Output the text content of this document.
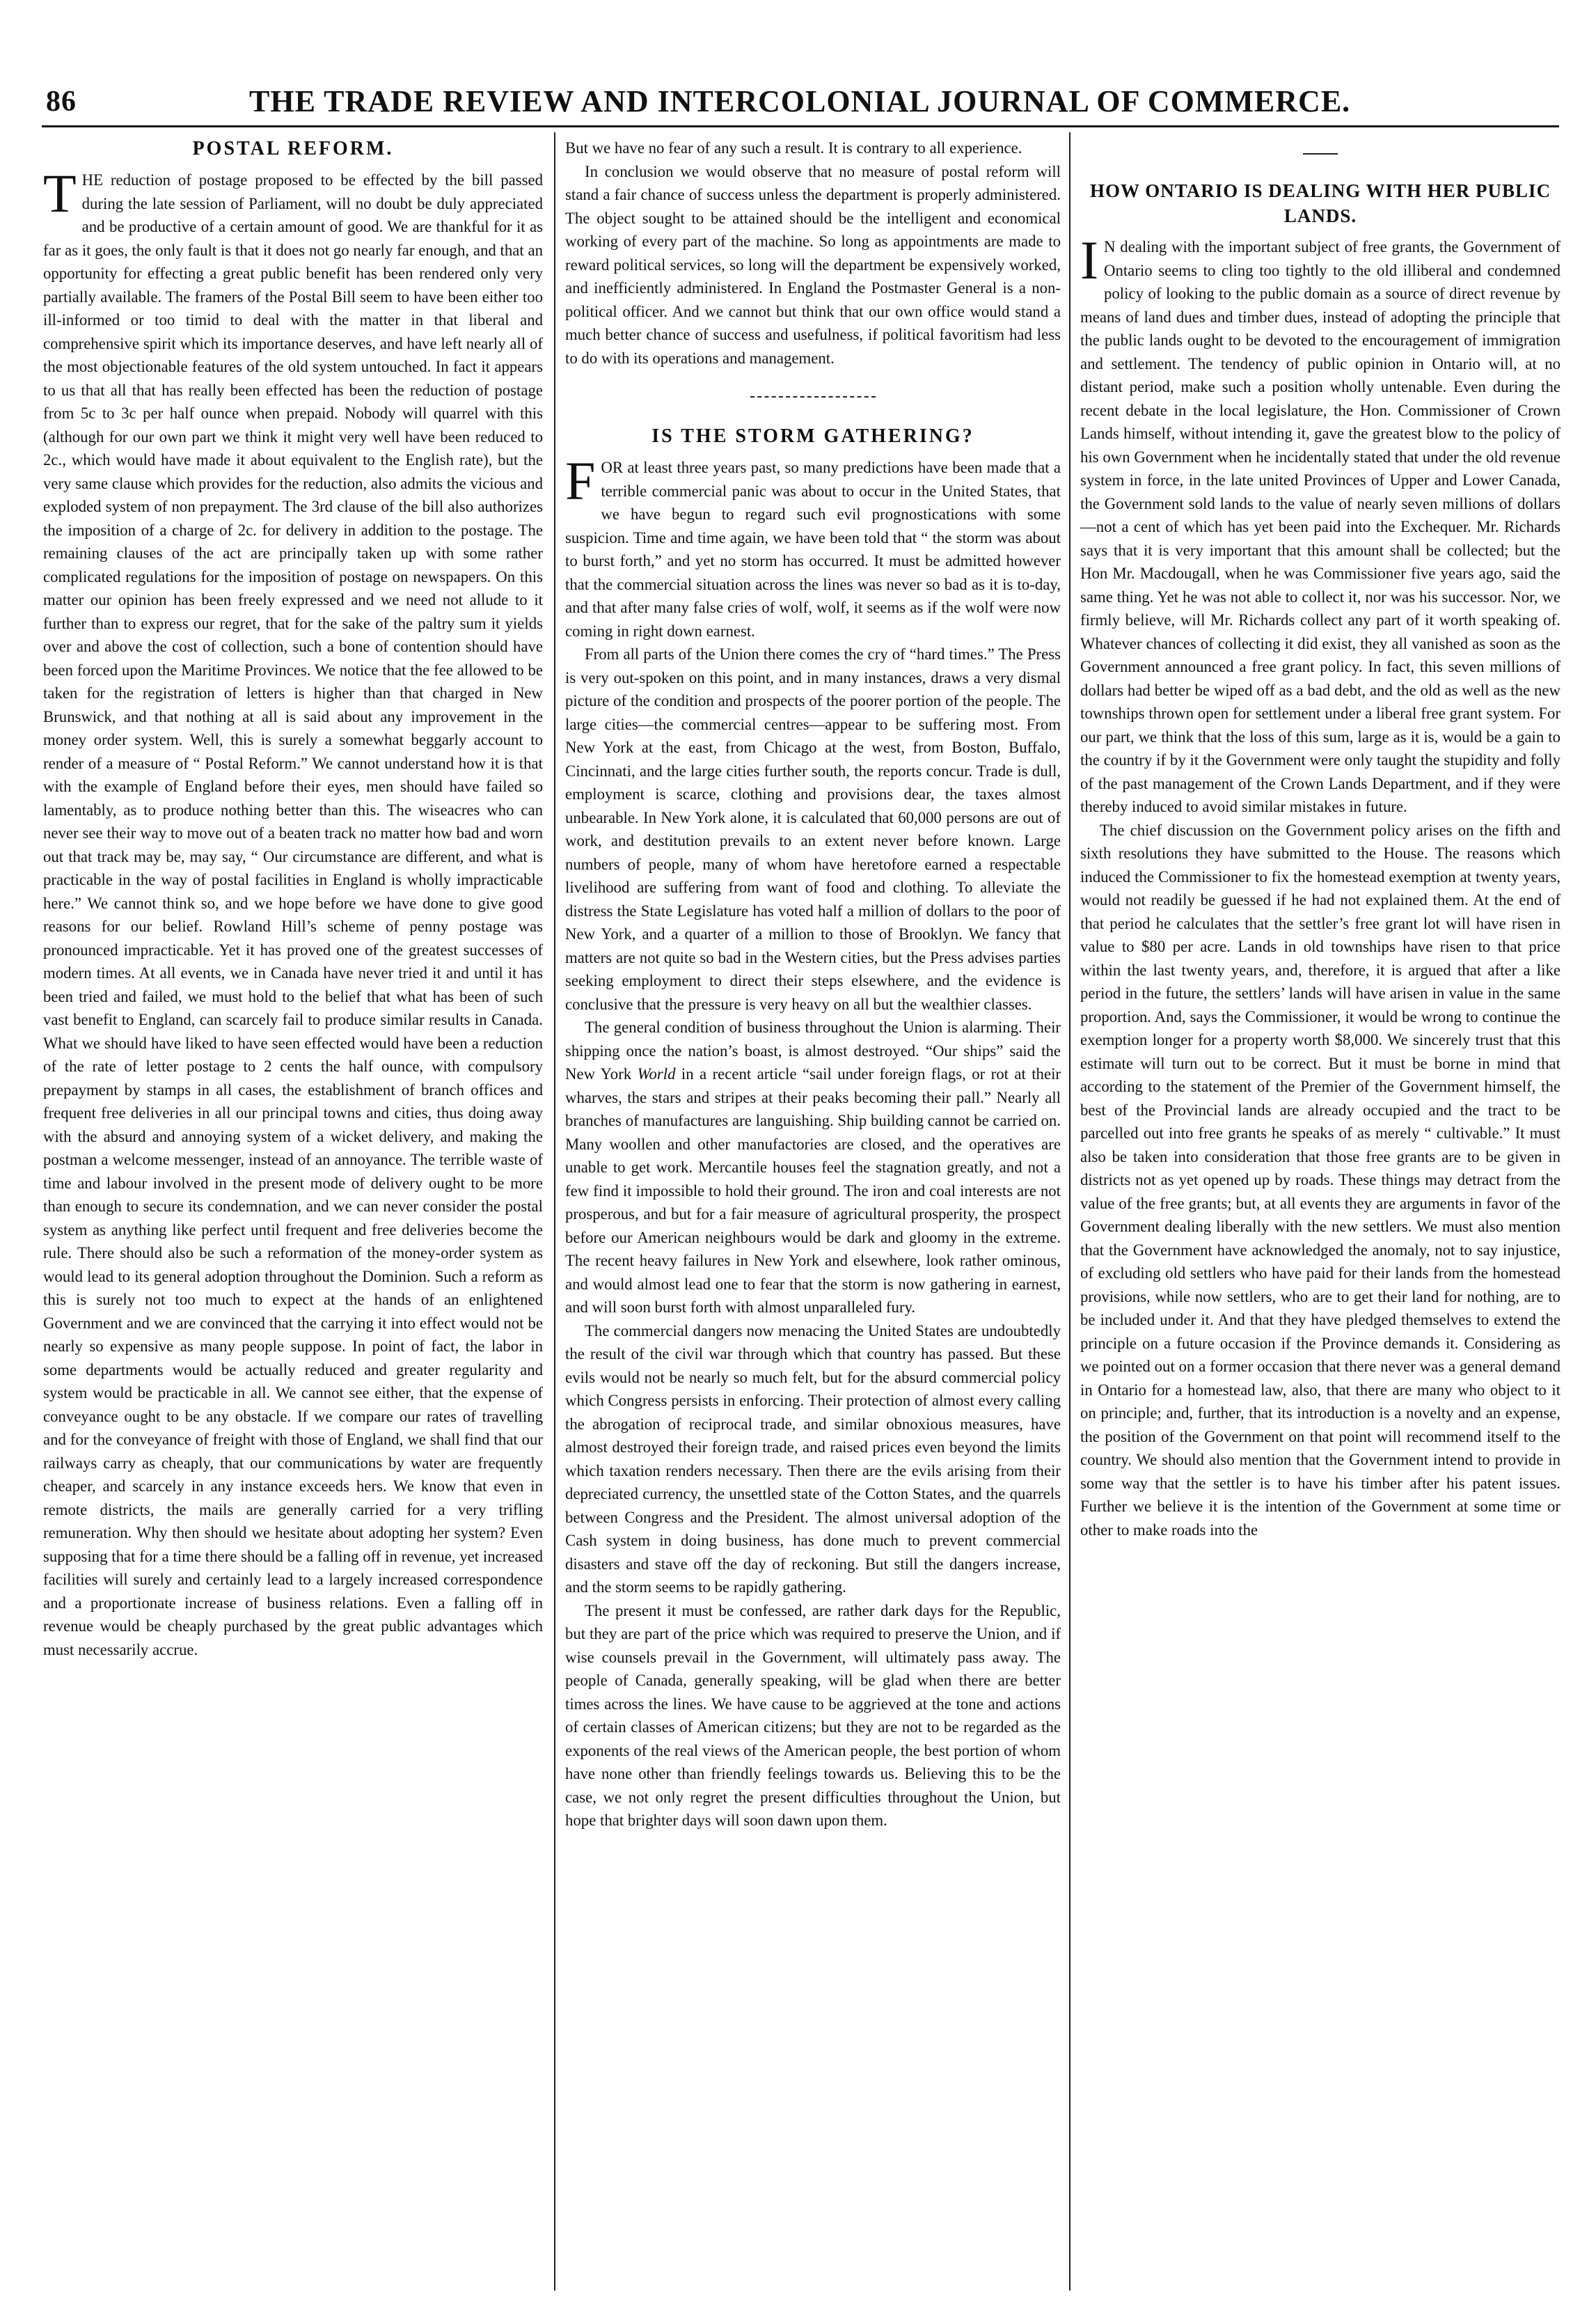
86	THE TRADE REVIEW AND INTERCOLONIAL JOURNAL OF COMMERCE.
POSTAL REFORM.

THE reduction of postage proposed to be effected by the bill passed during the late session of Parliament, will no doubt be duly appreciated and be productive of a certain amount of good. We are thankful for it as far as it goes, the only fault is that it does not go nearly far enough, and that an opportunity for effecting a great public benefit has been rendered only very partially available. The framers of the Postal Bill seem to have been either too ill-informed or too timid to deal with the matter in that liberal and comprehensive spirit which its importance deserves, and have left nearly all of the most objectionable features of the old system untouched. In fact it appears to us that all that has really been effected has been the reduction of postage from 5c to 3c per half ounce when prepaid. Nobody will quarrel with this (although for our own part we think it might very well have been reduced to 2c., which would have made it about equivalent to the English rate), but the very same clause which provides for the reduction, also admits the vicious and exploded system of non prepayment. The 3rd clause of the bill also authorizes the imposition of a charge of 2c. for delivery in addition to the postage. The remaining clauses of the act are principally taken up with some rather complicated regulations for the imposition of postage on newspapers. On this matter our opinion has been freely expressed and we need not allude to it further than to express our regret, that for the sake of the paltry sum it yields over and above the cost of collection, such a bone of contention should have been forced upon the Maritime Provinces. We notice that the fee allowed to be taken for the registration of letters is higher than that charged in New Brunswick, and that nothing at all is said about any improvement in the money order system. Well, this is surely a somewhat beggarly account to render of a measure of “ Postal Reform.” We cannot understand how it is that with the example of England before their eyes, men should have failed so lamentably, as to produce nothing better than this. The wiseacres who can never see their way to move out of a beaten track no matter how bad and worn out that track may be, may say, “ Our circumstance are different, and what is practicable in the way of postal facilities in England is wholly impracticable here.” We cannot think so, and we hope before we have done to give good reasons for our belief. Rowland Hill’s scheme of penny postage was pronounced impracticable. Yet it has proved one of the greatest successes of modern times. At all events, we in Canada have never tried it and until it has been tried and failed, we must hold to the belief that what has been of such vast benefit to England, can scarcely fail to produce similar results in Canada. What we should have liked to have seen effected would have been a reduction of the rate of letter postage to 2 cents the half ounce, with compulsory prepayment by stamps in all cases, the establishment of branch offices and frequent free deliveries in all our principal towns and cities, thus doing away with the absurd and annoying system of a wicket delivery, and making the postman a welcome messenger, instead of an annoyance. The terrible waste of time and labour involved in the present mode of delivery ought to be more than enough to secure its condemnation, and we can never consider the postal system as anything like perfect until frequent and free deliveries become the rule. There should also be such a reformation of the money-order system as would lead to its general adoption throughout the Dominion. Such a reform as this is surely not too much to expect at the hands of an enlightened Government and we are convinced that the carrying it into effect would not be nearly so expensive as many people suppose. In point of fact, the labor in some departments would be actually reduced and greater regularity and system would be practicable in all. We cannot see either, that the expense of conveyance ought to be any obstacle. If we compare our rates of travelling and for the conveyance of freight with those of England, we shall find that our railways carry as cheaply, that our communications by water are frequently cheaper, and scarcely in any instance exceeds hers. We know that even in remote districts, the mails are generally carried for a very trifling remuneration. Why then should we hesitate about adopting her system? Even supposing that for a time there should be a falling off in revenue, yet increased facilities will surely and certainly lead to a largely increased correspondence and a proportionate increase of business relations. Even a falling off in revenue would be cheaply purchased by the great public advantages which must necessarily accrue.

But we have no fear of any such a result. It is contrary to all experience.

In conclusion we would observe that no measure of postal reform will stand a fair chance of success unless the department is properly administered. The object sought to be attained should be the intelligent and economical working of every part of the machine. So long as appointments are made to reward political services, so long will the department be expensively worked, and inefficiently administered. In England the Postmaster General is a non-political officer. And we cannot but think that our own office would stand a much better chance of success and usefulness, if political favoritism had less to do with its operations and management.

IS THE STORM GATHERING?

FOR at least three years past, so many predictions have been made that a terrible commercial panic was about to occur in the United States, that we have begun to regard such evil prognostications with some suspicion. Time and time again, we have been told that “ the storm was about to burst forth,” and yet no storm has occurred. It must be admitted however that the commercial situation across the lines was never so bad as it is to-day, and that after many false cries of wolf, wolf, it seems as if the wolf were now coming in right down earnest.

From all parts of the Union there comes the cry of “hard times.” The Press is very out-spoken on this point, and in many instances, draws a very dismal picture of the condition and prospects of the poorer portion of the people. The large cities—the commercial centres—appear to be suffering most. From New York at the east, from Chicago at the west, from Boston, Buffalo, Cincinnati, and the large cities further south, the reports concur. Trade is dull, employment is scarce, clothing and provisions dear, the taxes almost unbearable. In New York alone, it is calculated that 60,000 persons are out of work, and destitution prevails to an extent never before known. Large numbers of people, many of whom have heretofore earned a respectable livelihood are suffering from want of food and clothing. To alleviate the distress the State Legislature has voted half a million of dollars to the poor of New York, and a quarter of a million to those of Brooklyn. We fancy that matters are not quite so bad in the Western cities, but the Press advises parties seeking employment to direct their steps elsewhere, and the evidence is conclusive that the pressure is very heavy on all but the wealthier classes.

The general condition of business throughout the Union is alarming. Their shipping once the nation’s boast, is almost destroyed. “Our ships” said the New York World in a recent article “sail under foreign flags, or rot at their wharves, the stars and stripes at their peaks becoming their pall.” Nearly all branches of manufactures are languishing. Ship building cannot be carried on. Many woollen and other manufactories are closed, and the operatives are unable to get work. Mercantile houses feel the stagnation greatly, and not a few find it impossible to hold their ground. The iron and coal interests are not prosperous, and but for a fair measure of agricultural prosperity, the prospect before our American neighbours would be dark and gloomy in the extreme. The recent heavy failures in New York and elsewhere, look rather ominous, and would almost lead one to fear that the storm is now gathering in earnest, and will soon burst forth with almost unparalleled fury.

The commercial dangers now menacing the United States are undoubtedly the result of the civil war through which that country has passed. But these evils would not be nearly so much felt, but for the absurd commercial policy which Congress persists in enforcing. Their protection of almost every calling the abrogation of reciprocal trade, and similar obnoxious measures, have almost destroyed their foreign trade, and raised prices even beyond the limits which taxation renders necessary. Then there are the evils arising from their depreciated currency, the unsettled state of the Cotton States, and the quarrels between Congress and the President. The almost universal adoption of the Cash system in doing business, has done much to prevent commercial disasters and stave off the day of reckoning. But still the dangers increase, and the storm seems to be rapidly gathering.

The present it must be confessed, are rather dark days for the Republic, but they are part of the price which was required to preserve the Union, and if wise counsels prevail in the Government, will ultimately pass away. The people of Canada, generally speaking, will be glad when there are better times across the lines. We have cause to be aggrieved at the tone and actions of certain classes of American citizens; but they are not to be regarded as the exponents of the real views of the American people, the best portion of whom have none other than friendly feelings towards us. Believing this to be the case, we not only regret the present difficulties throughout the Union, but hope that brighter days will soon dawn upon them.

HOW ONTARIO IS DEALING WITH HER PUBLIC LANDS.

I N dealing with the important subject of free grants, the Government of Ontario seems to cling too tightly to the old illiberal and condemned policy of looking to the public domain as a source of direct revenue by means of land dues and timber dues, instead of adopting the principle that the public lands ought to be devoted to the encouragement of immigration and settlement. The tendency of public opinion in Ontario will, at no distant period, make such a position wholly untenable. Even during the recent debate in the local legislature, the Hon. Commissioner of Crown Lands himself, without intending it, gave the greatest blow to the policy of his own Government when he incidentally stated that under the old revenue system in force, in the late united Provinces of Upper and Lower Canada, the Government sold lands to the value of nearly seven millions of dollars—not a cent of which has yet been paid into the Exchequer. Mr. Richards says that it is very important that this amount shall be collected; but the Hon Mr. Macdougall, when he was Commissioner five years ago, said the same thing. Yet he was not able to collect it, nor was his successor. Nor, we firmly believe, will Mr. Richards collect any part of it worth speaking of. Whatever chances of collecting it did exist, they all vanished as soon as the Government announced a free grant policy. In fact, this seven millions of dollars had better be wiped off as a bad debt, and the old as well as the new townships thrown open for settlement under a liberal free grant system. For our part, we think that the loss of this sum, large as it is, would be a gain to the country if by it the Government were only taught the stupidity and folly of the past management of the Crown Lands Department, and if they were thereby induced to avoid similar mistakes in future.

The chief discussion on the Government policy arises on the fifth and sixth resolutions they have submitted to the House. The reasons which induced the Commissioner to fix the homestead exemption at twenty years, would not readily be guessed if he had not explained them. At the end of that period he calculates that the settler’s free grant lot will have risen in value to $80 per acre. Lands in old townships have risen to that price within the last twenty years, and, therefore, it is argued that after a like period in the future, the settlers’ lands will have arisen in value in the same proportion. And, says the Commissioner, it would be wrong to continue the exemption longer for a property worth $8,000. We sincerely trust that this estimate will turn out to be correct. But it must be borne in mind that according to the statement of the Premier of the Government himself, the best of the Provincial lands are already occupied and the tract to be parcelled out into free grants he speaks of as merely “ cultivable.” It must also be taken into consideration that those free grants are to be given in districts not as yet opened up by roads. These things may detract from the value of the free grants; but, at all events they are arguments in favor of the Government dealing liberally with the new settlers. We must also mention that the Government have acknowledged the anomaly, not to say injustice, of excluding old settlers who have paid for their lands from the homestead provisions, while now settlers, who are to get their land for nothing, are to be included under it. And that they have pledged themselves to extend the principle on a future occasion if the Province demands it. Considering as we pointed out on a former occasion that there never was a general demand in Ontario for a homestead law, also, that there are many who object to it on principle; and, further, that its introduction is a novelty and an expense, the position of the Government on that point will recommend itself to the country. We should also mention that the Government intend to provide in some way that the settler is to have his timber after his patent issues. Further we believe it is the intention of the Government at some time or other to make roads into the
